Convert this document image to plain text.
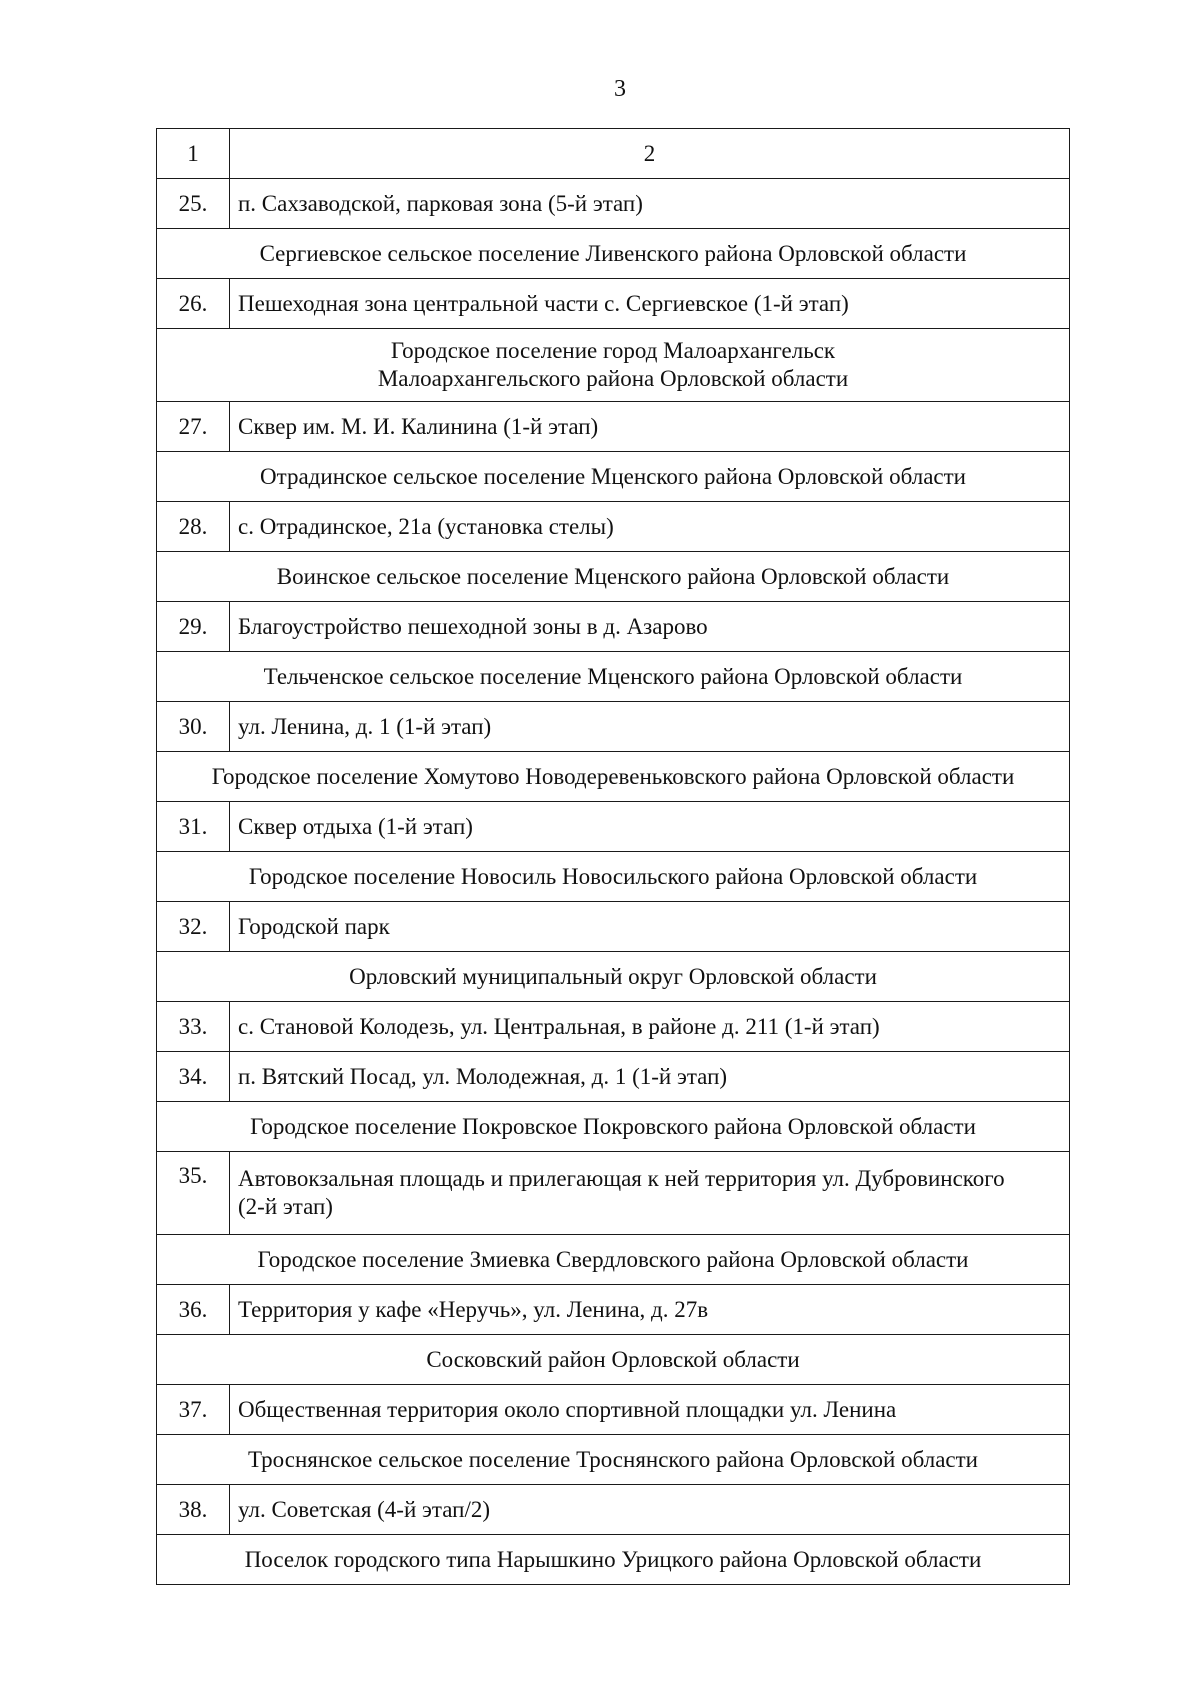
3
1	2
25.	п. Сахзаводской, парковая зона (5-й этап)
Сергиевское сельское поселение Ливенского района Орловской области	
26.	Пешеходная зона центральной части с. Сергиевское (1-й этап)

Городское поселение город Малоархангельск
Малоархангельского района Орловской области	

27.	Сквер им. М. И. Калинина (1-й этап)
Отрадинское сельское поселение Мценского района Орловской области	
28.	с. Отрадинское, 21а (установка стелы)
Воинское сельское поселение Мценского района Орловской области	
29.	Благоустройство пешеходной зоны в д. Азарово
Тельченское сельское поселение Мценского района Орловской области	
30.	ул. Ленина, д. 1 (1-й этап)
Городское поселение Хомутово Новодеревеньковского района Орловской области	
31.	Сквер отдыха (1-й этап)
Городское поселение Новосиль Новосильского района Орловской области	
32.	Городской парк
Орловский муниципальный округ Орловской области	
33.	с. Становой Колодезь, ул. Центральная, в районе д. 211 (1-й этап)
34.	п. Вятский Посад, ул. Молодежная, д. 1 (1-й этап)
Городское поселение Покровское Покровского района Орловской области	
35.	Автовокзальная площадь и прилегающая к ней территория ул. Дубровинского
(2-й этап)

Городское поселение Змиевка Свердловского района Орловской области	
36.	Территория у кафе «Неручь», ул. Ленина, д. 27в
Сосковский район Орловской области	
37.	Общественная территория около спортивной площадки ул. Ленина
Троснянское сельское поселение Троснянского района Орловской области	
38.	ул. Советская (4-й этап/2)
Поселок городского типа Нарышкино Урицкого района Орловской области	
